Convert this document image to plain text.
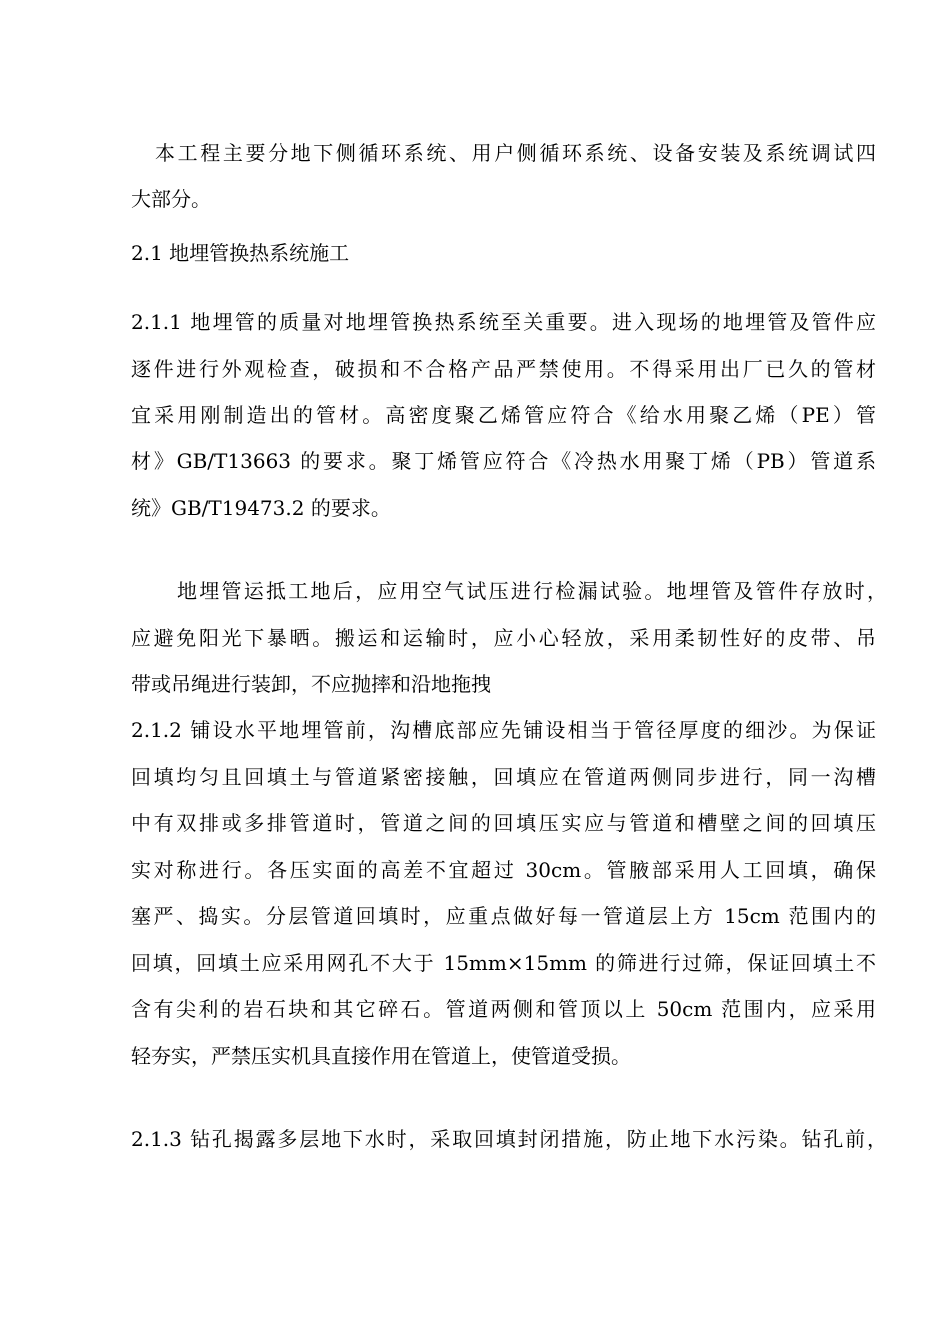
本工程主要分地下侧循环系统、用户侧循环系统、设备安装及系统调试四
大部分。
2.1 地埋管换热系统施工
2.1.1 地埋管的质量对地埋管换热系统至关重要。进入现场的地埋管及管件应
逐件进行外观检查，破损和不合格产品严禁使用。不得采用出厂已久的管材
宜采用刚制造出的管材。高密度聚乙烯管应符合《给水用聚乙烯（PE）管
材》GB/T13663 的要求。聚丁烯管应符合《冷热水用聚丁烯（PB）管道系
统》GB/T19473.2 的要求。
地埋管运抵工地后，应用空气试压进行检漏试验。地埋管及管件存放时，
应避免阳光下暴晒。搬运和运输时，应小心轻放，采用柔韧性好的皮带、吊
带或吊绳进行装卸，不应抛摔和沿地拖拽
2.1.2 铺设水平地埋管前，沟槽底部应先铺设相当于管径厚度的细沙。为保证
回填均匀且回填土与管道紧密接触，回填应在管道两侧同步进行，同一沟槽
中有双排或多排管道时，管道之间的回填压实应与管道和槽壁之间的回填压
实对称进行。各压实面的高差不宜超过 30cm。管腋部采用人工回填，确保
塞严、捣实。分层管道回填时，应重点做好每一管道层上方 15cm 范围内的
回填，回填土应采用网孔不大于 15mm×15mm 的筛进行过筛，保证回填土不
含有尖利的岩石块和其它碎石。管道两侧和管顶以上 50cm 范围内，应采用
轻夯实，严禁压实机具直接作用在管道上，使管道受损。
2.1.3 钻孔揭露多层地下水时，采取回填封闭措施，防止地下水污染。钻孔前，
